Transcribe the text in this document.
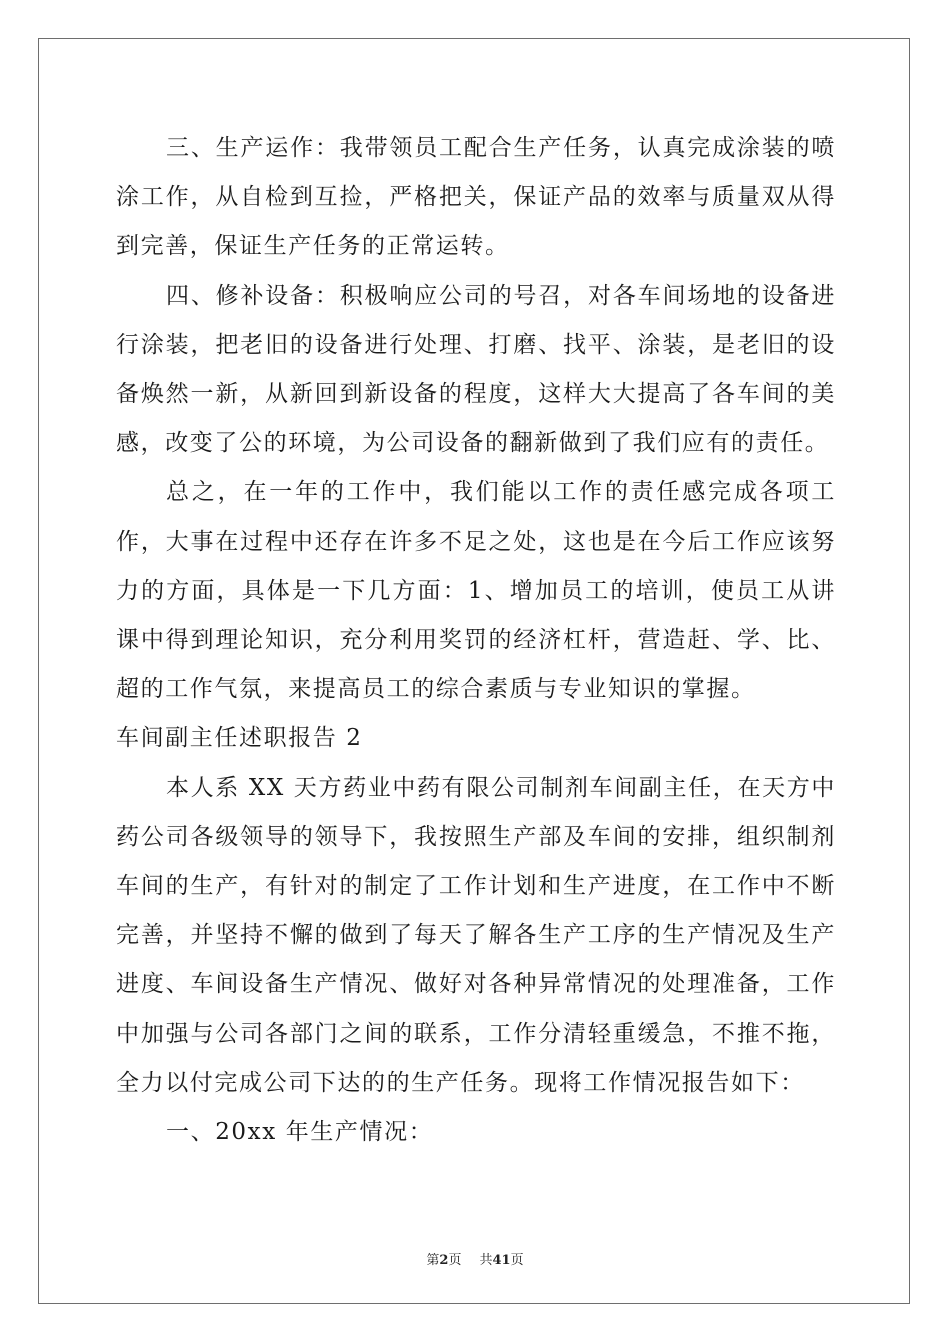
三、生产运作：我带领员工配合生产任务，认真完成涂装的喷涂工作，从自检到互捡，严格把关，保证产品的效率与质量双从得到完善，保证生产任务的正常运转。

四、修补设备：积极响应公司的号召，对各车间场地的设备进行涂装，把老旧的设备进行处理、打磨、找平、涂装，是老旧的设备焕然一新，从新回到新设备的程度，这样大大提高了各车间的美感，改变了公的环境，为公司设备的翻新做到了我们应有的责任。

总之，在一年的工作中，我们能以工作的责任感完成各项工作，大事在过程中还存在许多不足之处，这也是在今后工作应该努力的方面，具体是一下几方面：1、增加员工的培训，使员工从讲课中得到理论知识，充分利用奖罚的经济杠杆，营造赶、学、比、超的工作气氛，来提高员工的综合素质与专业知识的掌握。

车间副主任述职报告 2

本人系 XX 天方药业中药有限公司制剂车间副主任，在天方中药公司各级领导的领导下，我按照生产部及车间的安排，组织制剂车间的生产，有针对的制定了工作计划和生产进度，在工作中不断完善，并坚持不懈的做到了每天了解各生产工序的生产情况及生产进度、车间设备生产情况、做好对各种异常情况的处理准备，工作中加强与公司各部门之间的联系，工作分清轻重缓急，不推不拖，全力以付完成公司下达的的生产任务。现将工作情况报告如下：

一、20xx 年生产情况：

第2页 共41页
